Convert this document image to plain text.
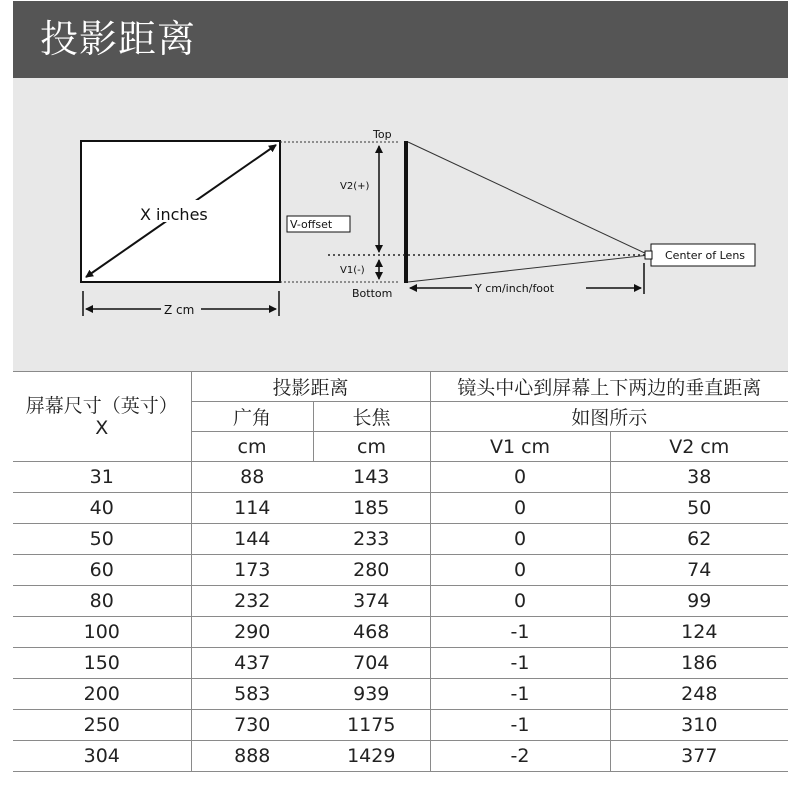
投影距离
X inches
Z cm
V-offset
Top
Bottom
V2(+)
V1(-)
Center of Lens
Y cm/inch/foot
屏幕尺寸（英寸）
X	投影距离		镜头中心到屏幕上下两边的垂直距离	
	广角	长焦	如图所示	
	cm	cm	V1 cm	V2 cm
31	88	143	0	38
40	114	185	0	50
50	144	233	0	62
60	173	280	0	74
80	232	374	0	99
100	290	468	-1	124
150	437	704	-1	186
200	583	939	-1	248
250	730	1175	-1	310
304	888	1429	-2	377
